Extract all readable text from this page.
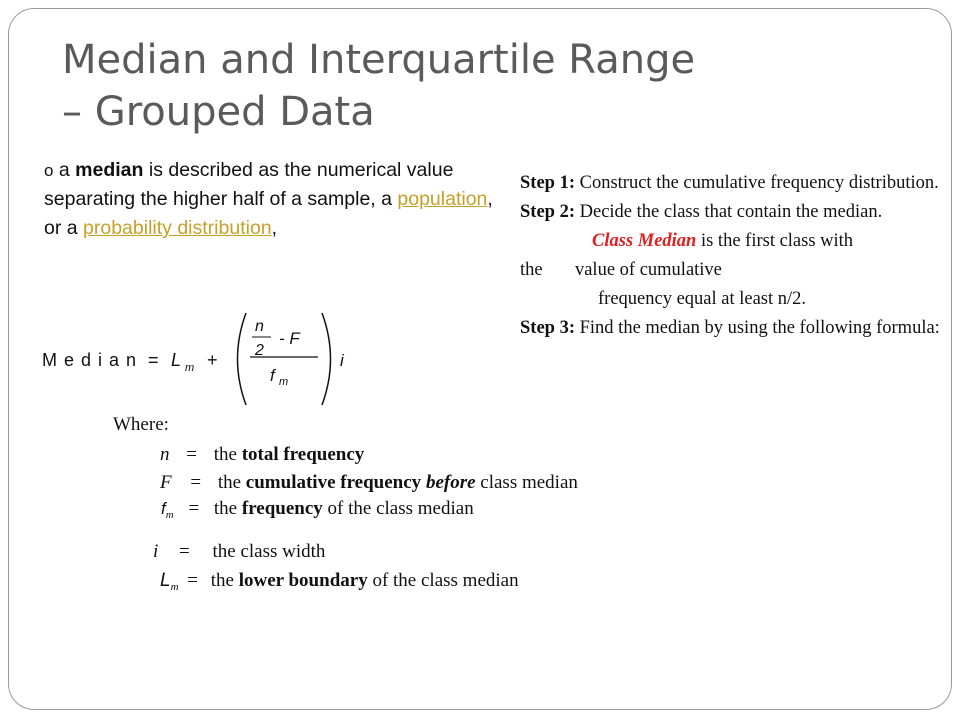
Median and Interquartile Range
– Grouped Data
o a median is described as the numerical value separating the higher half of a sample, a population, or a probability distribution,

Step 1: Construct the cumulative frequency distribution.

Step 2: Decide the class that contain the median.

Class Median is the first class with

the       value of cumulative

frequency equal at least n/2.

Step 3: Find the median by using the following formula:

M e d i a n = L m +
n
2
- F
f m
i
Where:
n = the total frequency
F = the cumulative frequency before class median
$f_m$ = the frequency of the class median
i = the class width
$L_m$ = the lower boundary of the class median
